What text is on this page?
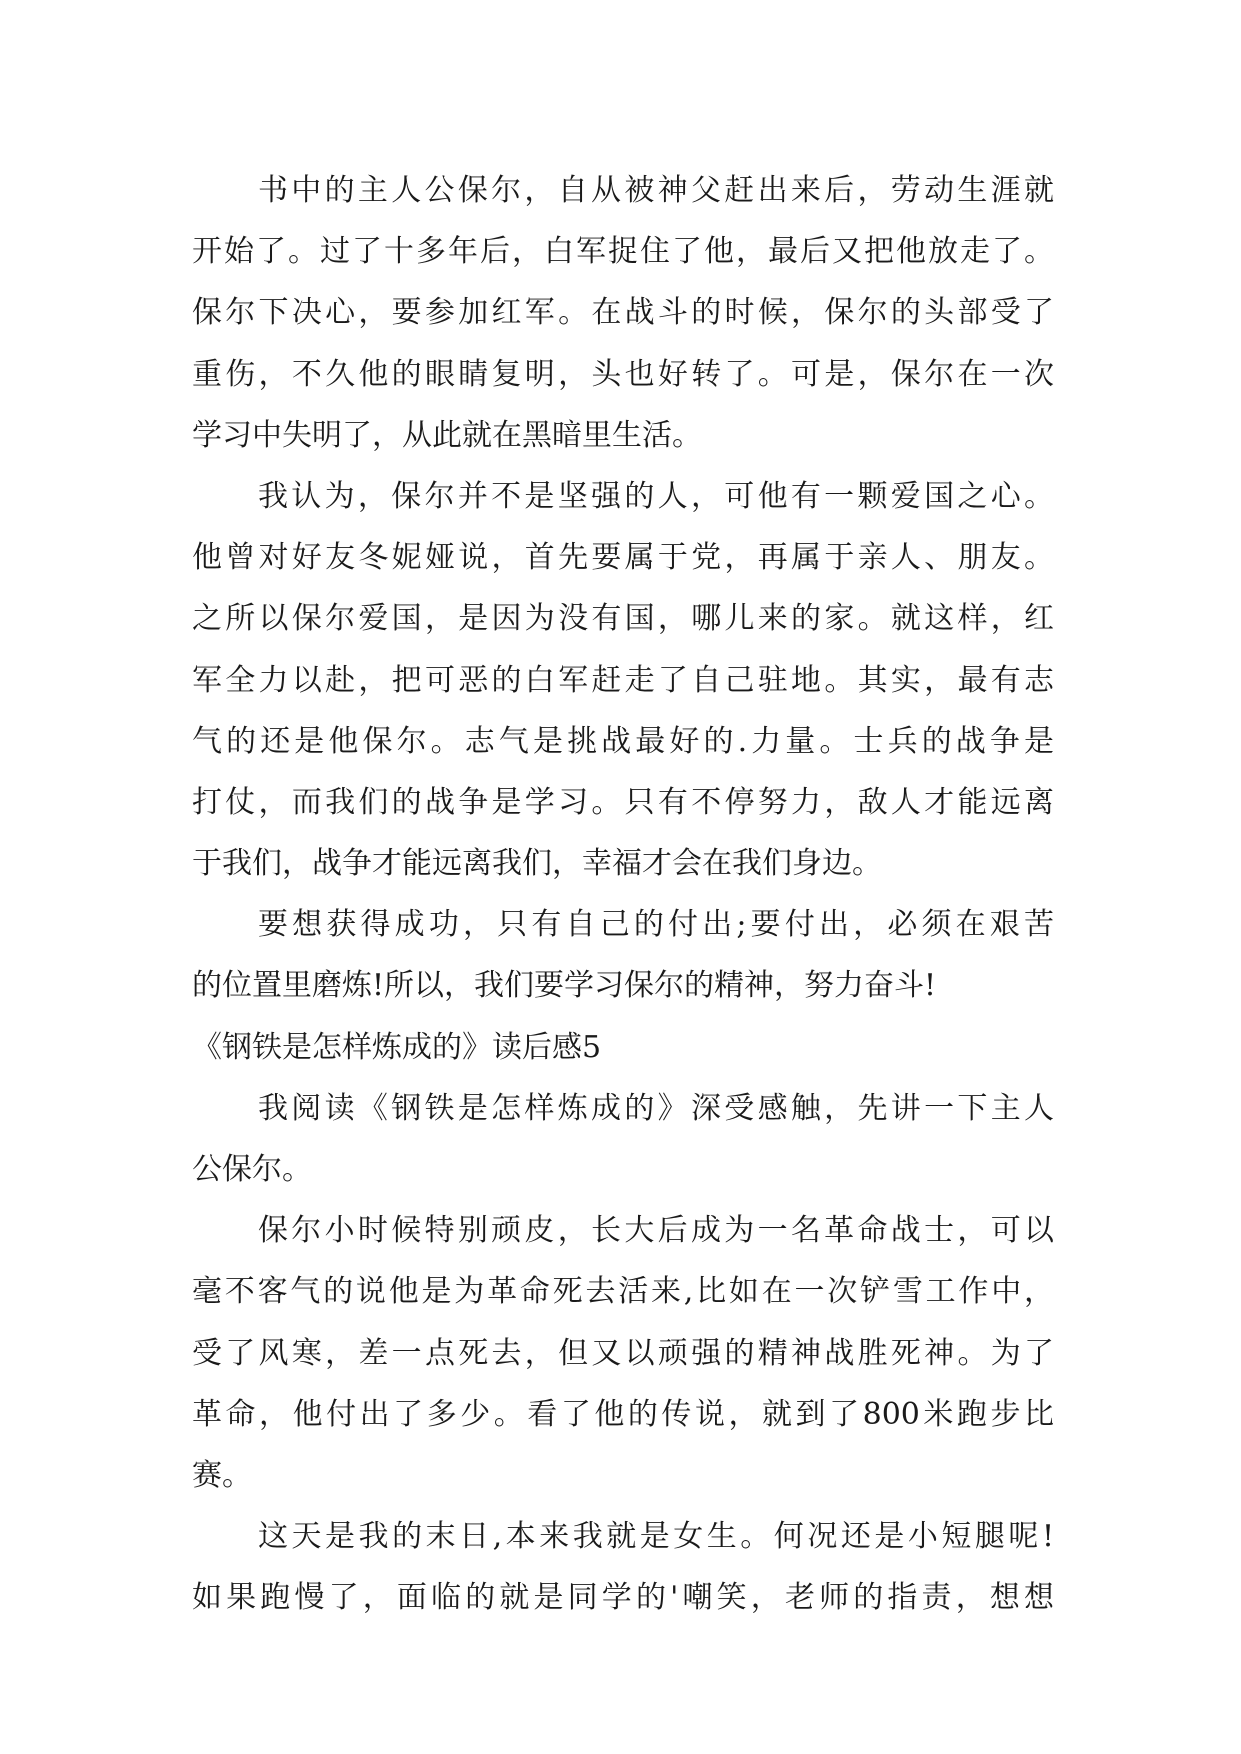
书中的主人公保尔，自从被神父赶出来后，劳动生涯就
开始了。过了十多年后，白军捉住了他，最后又把他放走了。
保尔下决心，要参加红军。在战斗的时候，保尔的头部受了
重伤，不久他的眼睛复明，头也好转了。可是，保尔在一次
学习中失明了，从此就在黑暗里生活。
我认为，保尔并不是坚强的人，可他有一颗爱国之心。
他曾对好友冬妮娅说，首先要属于党，再属于亲人、朋友。
之所以保尔爱国，是因为没有国，哪儿来的家。就这样，红
军全力以赴，把可恶的白军赶走了自己驻地。其实，最有志
气的还是他保尔。志气是挑战最好的.力量。士兵的战争是
打仗，而我们的战争是学习。只有不停努力，敌人才能远离
于我们，战争才能远离我们，幸福才会在我们身边。
要想获得成功，只有自己的付出;要付出，必须在艰苦
的位置里磨炼!所以，我们要学习保尔的精神，努力奋斗!
《钢铁是怎样炼成的》读后感5
我阅读《钢铁是怎样炼成的》深受感触，先讲一下主人
公保尔。
保尔小时候特别顽皮，长大后成为一名革命战士，可以
毫不客气的说他是为革命死去活来,比如在一次铲雪工作中，
受了风寒，差一点死去，但又以顽强的精神战胜死神。为了
革命，他付出了多少。看了他的传说，就到了800米跑步比
赛。
这天是我的末日,本来我就是女生。何况还是小短腿呢!
如果跑慢了，面临的就是同学的'嘲笑，老师的指责，想想
